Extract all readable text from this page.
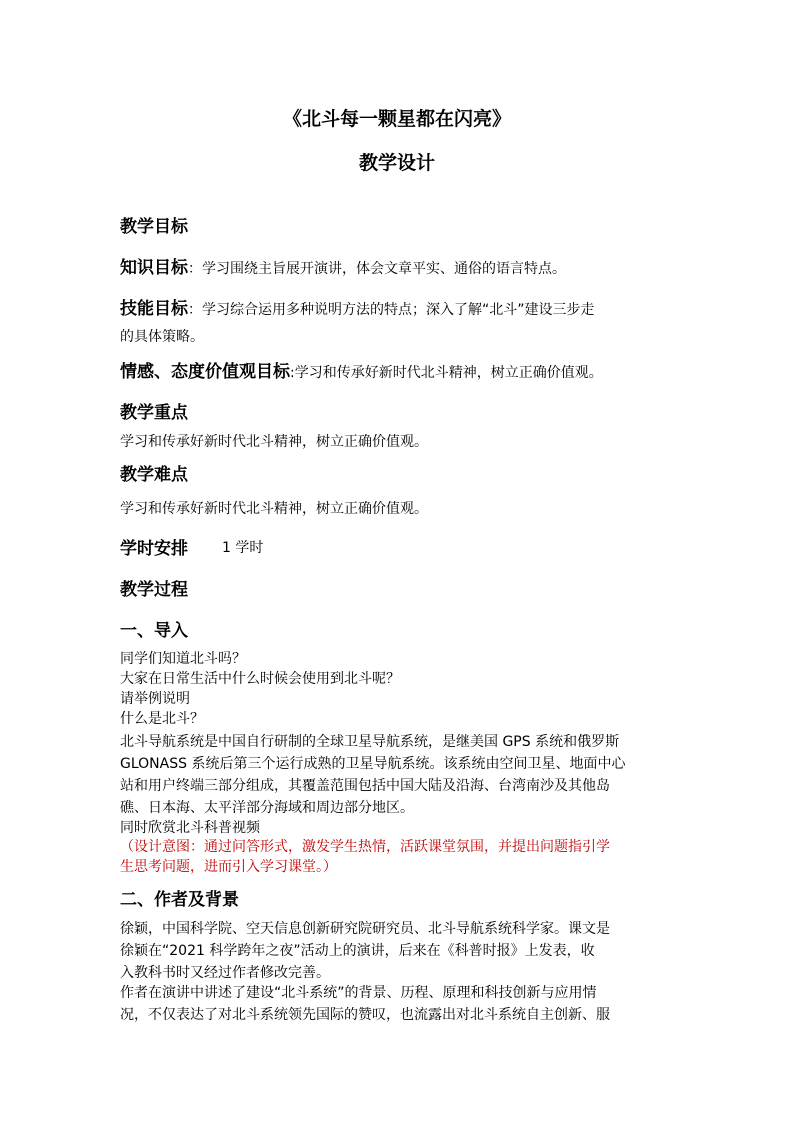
《北斗每一颗星都在闪亮》
教学设计
教学目标
知识目标：学习围绕主旨展开演讲，体会文章平实、通俗的语言特点。
技能目标：学习综合运用多种说明方法的特点；深入了解“北斗”建设三步走
的具体策略。
情感、态度价值观目标:学习和传承好新时代北斗精神，树立正确价值观。
教学重点
学习和传承好新时代北斗精神，树立正确价值观。
教学难点
学习和传承好新时代北斗精神，树立正确价值观。
学时安排 1 学时
教学过程
一、导入
同学们知道北斗吗？
大家在日常生活中什么时候会使用到北斗呢？
请举例说明
什么是北斗？
北斗导航系统是中国自行研制的全球卫星导航系统，是继美国 GPS 系统和俄罗斯
GLONASS 系统后第三个运行成熟的卫星导航系统。该系统由空间卫星、地面中心
站和用户终端三部分组成，其覆盖范围包括中国大陆及沿海、台湾南沙及其他岛
礁、日本海、太平洋部分海域和周边部分地区。
同时欣赏北斗科普视频
（设计意图：通过问答形式，激发学生热情，活跃课堂氛围，并提出问题指引学
生思考问题，进而引入学习课堂。）
二、作者及背景
徐颖，中国科学院、空天信息创新研究院研究员、北斗导航系统科学家。课文是
徐颖在“2021 科学跨年之夜”活动上的演讲，后来在《科普时报》上发表，收
入教科书时又经过作者修改完善。
作者在演讲中讲述了建设“北斗系统”的背景、历程、原理和科技创新与应用情
况，不仅表达了对北斗系统领先国际的赞叹，也流露出对北斗系统自主创新、服
